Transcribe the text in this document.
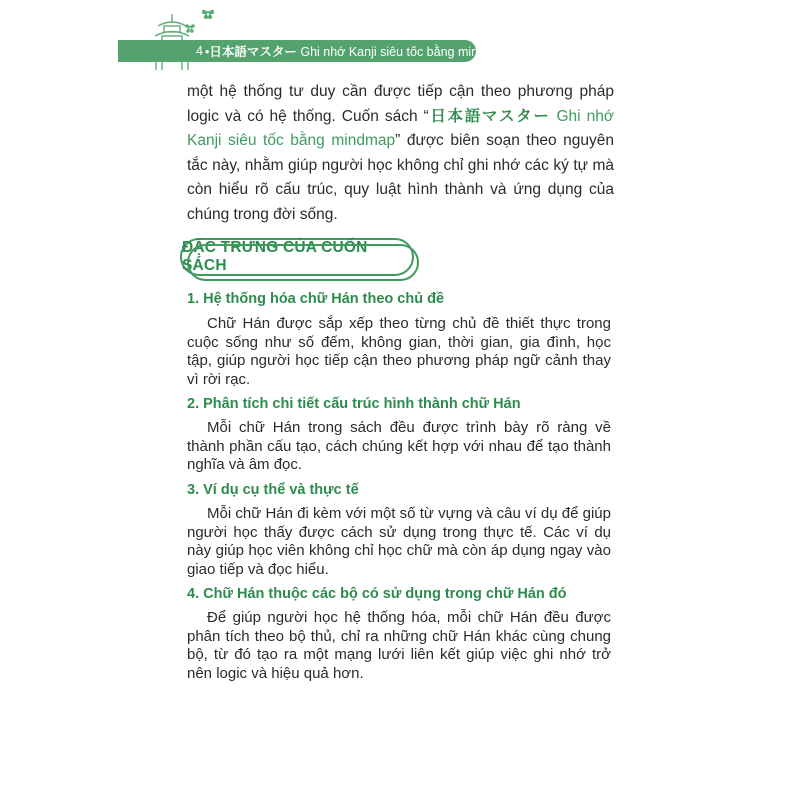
4 •日本語マスター Ghi nhớ Kanji siêu tốc bằng mindmap

một hệ thống tư duy cần được tiếp cận theo phương pháp logic và có hệ thống. Cuốn sách “日本語マスター Ghi nhớ Kanji siêu tốc bằng mindmap” được biên soạn theo nguyên tắc này, nhằm giúp người học không chỉ ghi nhớ các ký tự mà còn hiểu rõ cấu trúc, quy luật hình thành và ứng dụng của chúng trong đời sống.

ĐẶC TRƯNG CỦA CUỐN SÁCH
1. Hệ thống hóa chữ Hán theo chủ đề

Chữ Hán được sắp xếp theo từng chủ đề thiết thực trong cuộc sống như số đếm, không gian, thời gian, gia đình, học tập, giúp người học tiếp cận theo phương pháp ngữ cảnh thay vì rời rạc.

2. Phân tích chi tiết cấu trúc hình thành chữ Hán

Mỗi chữ Hán trong sách đều được trình bày rõ ràng về thành phần cấu tạo, cách chúng kết hợp với nhau để tạo thành nghĩa và âm đọc.

3. Ví dụ cụ thể và thực tế

Mỗi chữ Hán đi kèm với một số từ vựng và câu ví dụ để giúp người học thấy được cách sử dụng trong thực tế. Các ví dụ này giúp học viên không chỉ học chữ mà còn áp dụng ngay vào giao tiếp và đọc hiểu.

4. Chữ Hán thuộc các bộ có sử dụng trong chữ Hán đó

Để giúp người học hệ thống hóa, mỗi chữ Hán đều được phân tích theo bộ thủ, chỉ ra những chữ Hán khác cùng chung bộ, từ đó tạo ra một mạng lưới liên kết giúp việc ghi nhớ trở nên logic và hiệu quả hơn.
